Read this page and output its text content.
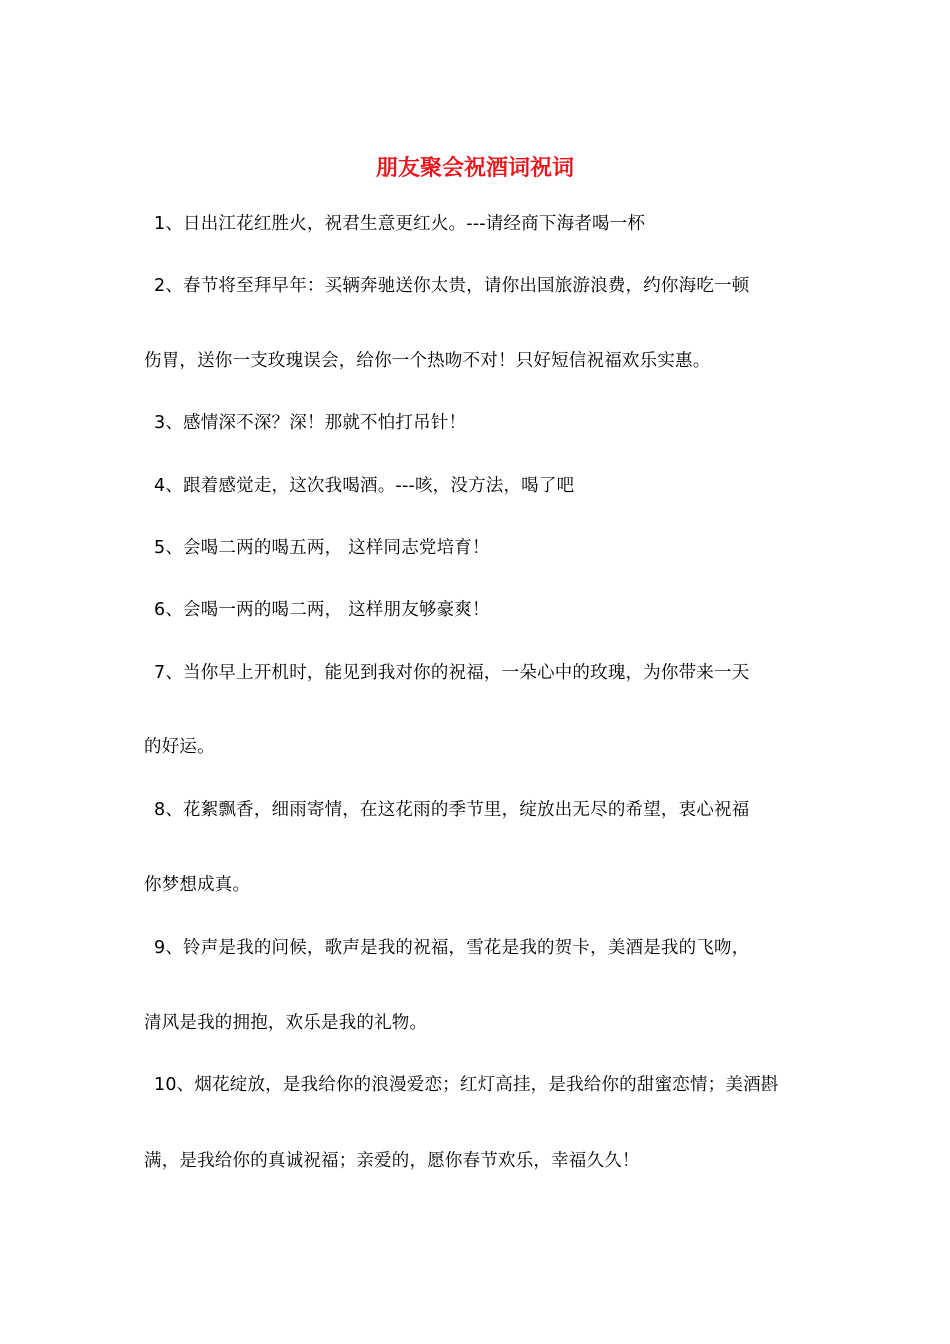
朋友聚会祝酒词祝词
1、日出江花红胜火，祝君生意更红火。---请经商下海者喝一杯
2、春节将至拜早年：买辆奔驰送你太贵，请你出国旅游浪费，约你海吃一顿
伤胃，送你一支玫瑰误会，给你一个热吻不对！只好短信祝福欢乐实惠。
3、感情深不深？深！那就不怕打吊针！
4、跟着感觉走，这次我喝酒。---咳，没方法，喝了吧
5、会喝二两的喝五两， 这样同志党培育！
6、会喝一两的喝二两， 这样朋友够豪爽！
7、当你早上开机时，能见到我对你的祝福，一朵心中的玫瑰，为你带来一天
的好运。
8、花絮飘香，细雨寄情，在这花雨的季节里，绽放出无尽的希望，衷心祝福
你梦想成真。
9、铃声是我的问候，歌声是我的祝福，雪花是我的贺卡，美酒是我的飞吻，
清风是我的拥抱，欢乐是我的礼物。
10、烟花绽放，是我给你的浪漫爱恋；红灯高挂，是我给你的甜蜜恋情；美酒斟
满，是我给你的真诚祝福；亲爱的，愿你春节欢乐，幸福久久！
